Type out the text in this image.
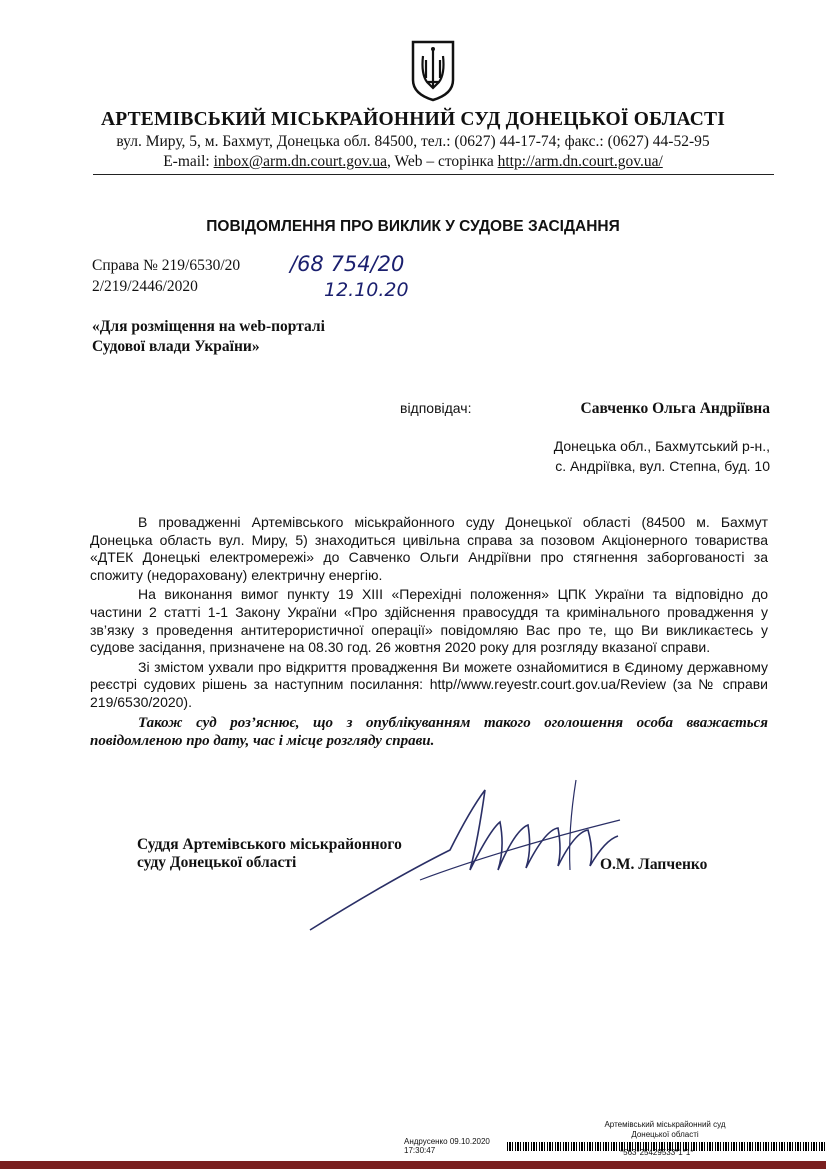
АРТЕМІВСЬКИЙ МІСЬКРАЙОННИЙ СУД ДОНЕЦЬКОЇ ОБЛАСТІ
вул. Миру, 5, м. Бахмут, Донецька обл. 84500, тел.: (0627) 44-17-74; факс.: (0627) 44-52-95
E-mail: inbox@arm.dn.court.gov.ua, Web – сторінка http://arm.dn.court.gov.ua/
ПОВІДОМЛЕННЯ ПРО ВИКЛИК У СУДОВЕ ЗАСІДАННЯ
Справа № 219/6530/20
2/219/2446/2020
/68 754/20
12.10.20
«Для розміщення на web-порталі
Судової влади України»
відповідач:	Савченко Ольга Андріївна
Донецька обл., Бахмутський р-н.,
с. Андріївка, вул. Степна, буд. 10

В провадженні Артемівського міськрайонного суду Донецької області (84500 м. Бахмут Донецька область вул. Миру, 5) знаходиться цивільна справа за позовом Акціонерного товариства «ДТЕК Донецькі електромережі» до Савченко Ольги Андріївни про стягнення заборгованості за спожиту (недораховану) електричну енергію.

На виконання вимог пункту 19 ХІІІ «Перехідні положення» ЦПК України та відповідно до частини 2 статті 1-1 Закону України «Про здійснення правосуддя та кримінального провадження у зв’язку з проведення антитерористичної операції» повідомляю Вас про те, що Ви викликаєтесь у судове засідання, призначене на 08.30 год. 26 жовтня 2020 року для розгляду вказаної справи.

Зі змістом ухвали про відкриття провадження Ви можете ознайомитися в Єдиному державному реєстрі судових рішень за наступним посилання: http//www.reyestr.court.gov.ua/Review (за № справи 219/6530/2020).

Також суд роз’яснює, що з опублікуванням такого оголошення особа вважається повідомленою про дату, час і місце розгляду справи.

Суддя Артемівського міськрайонного
суду Донецької області	О.М. Лапченко
Артемівський міськрайонний суд
Донецької області
Андрусенко 09.10.2020 17:30:47	*563*25429533*1*1*
